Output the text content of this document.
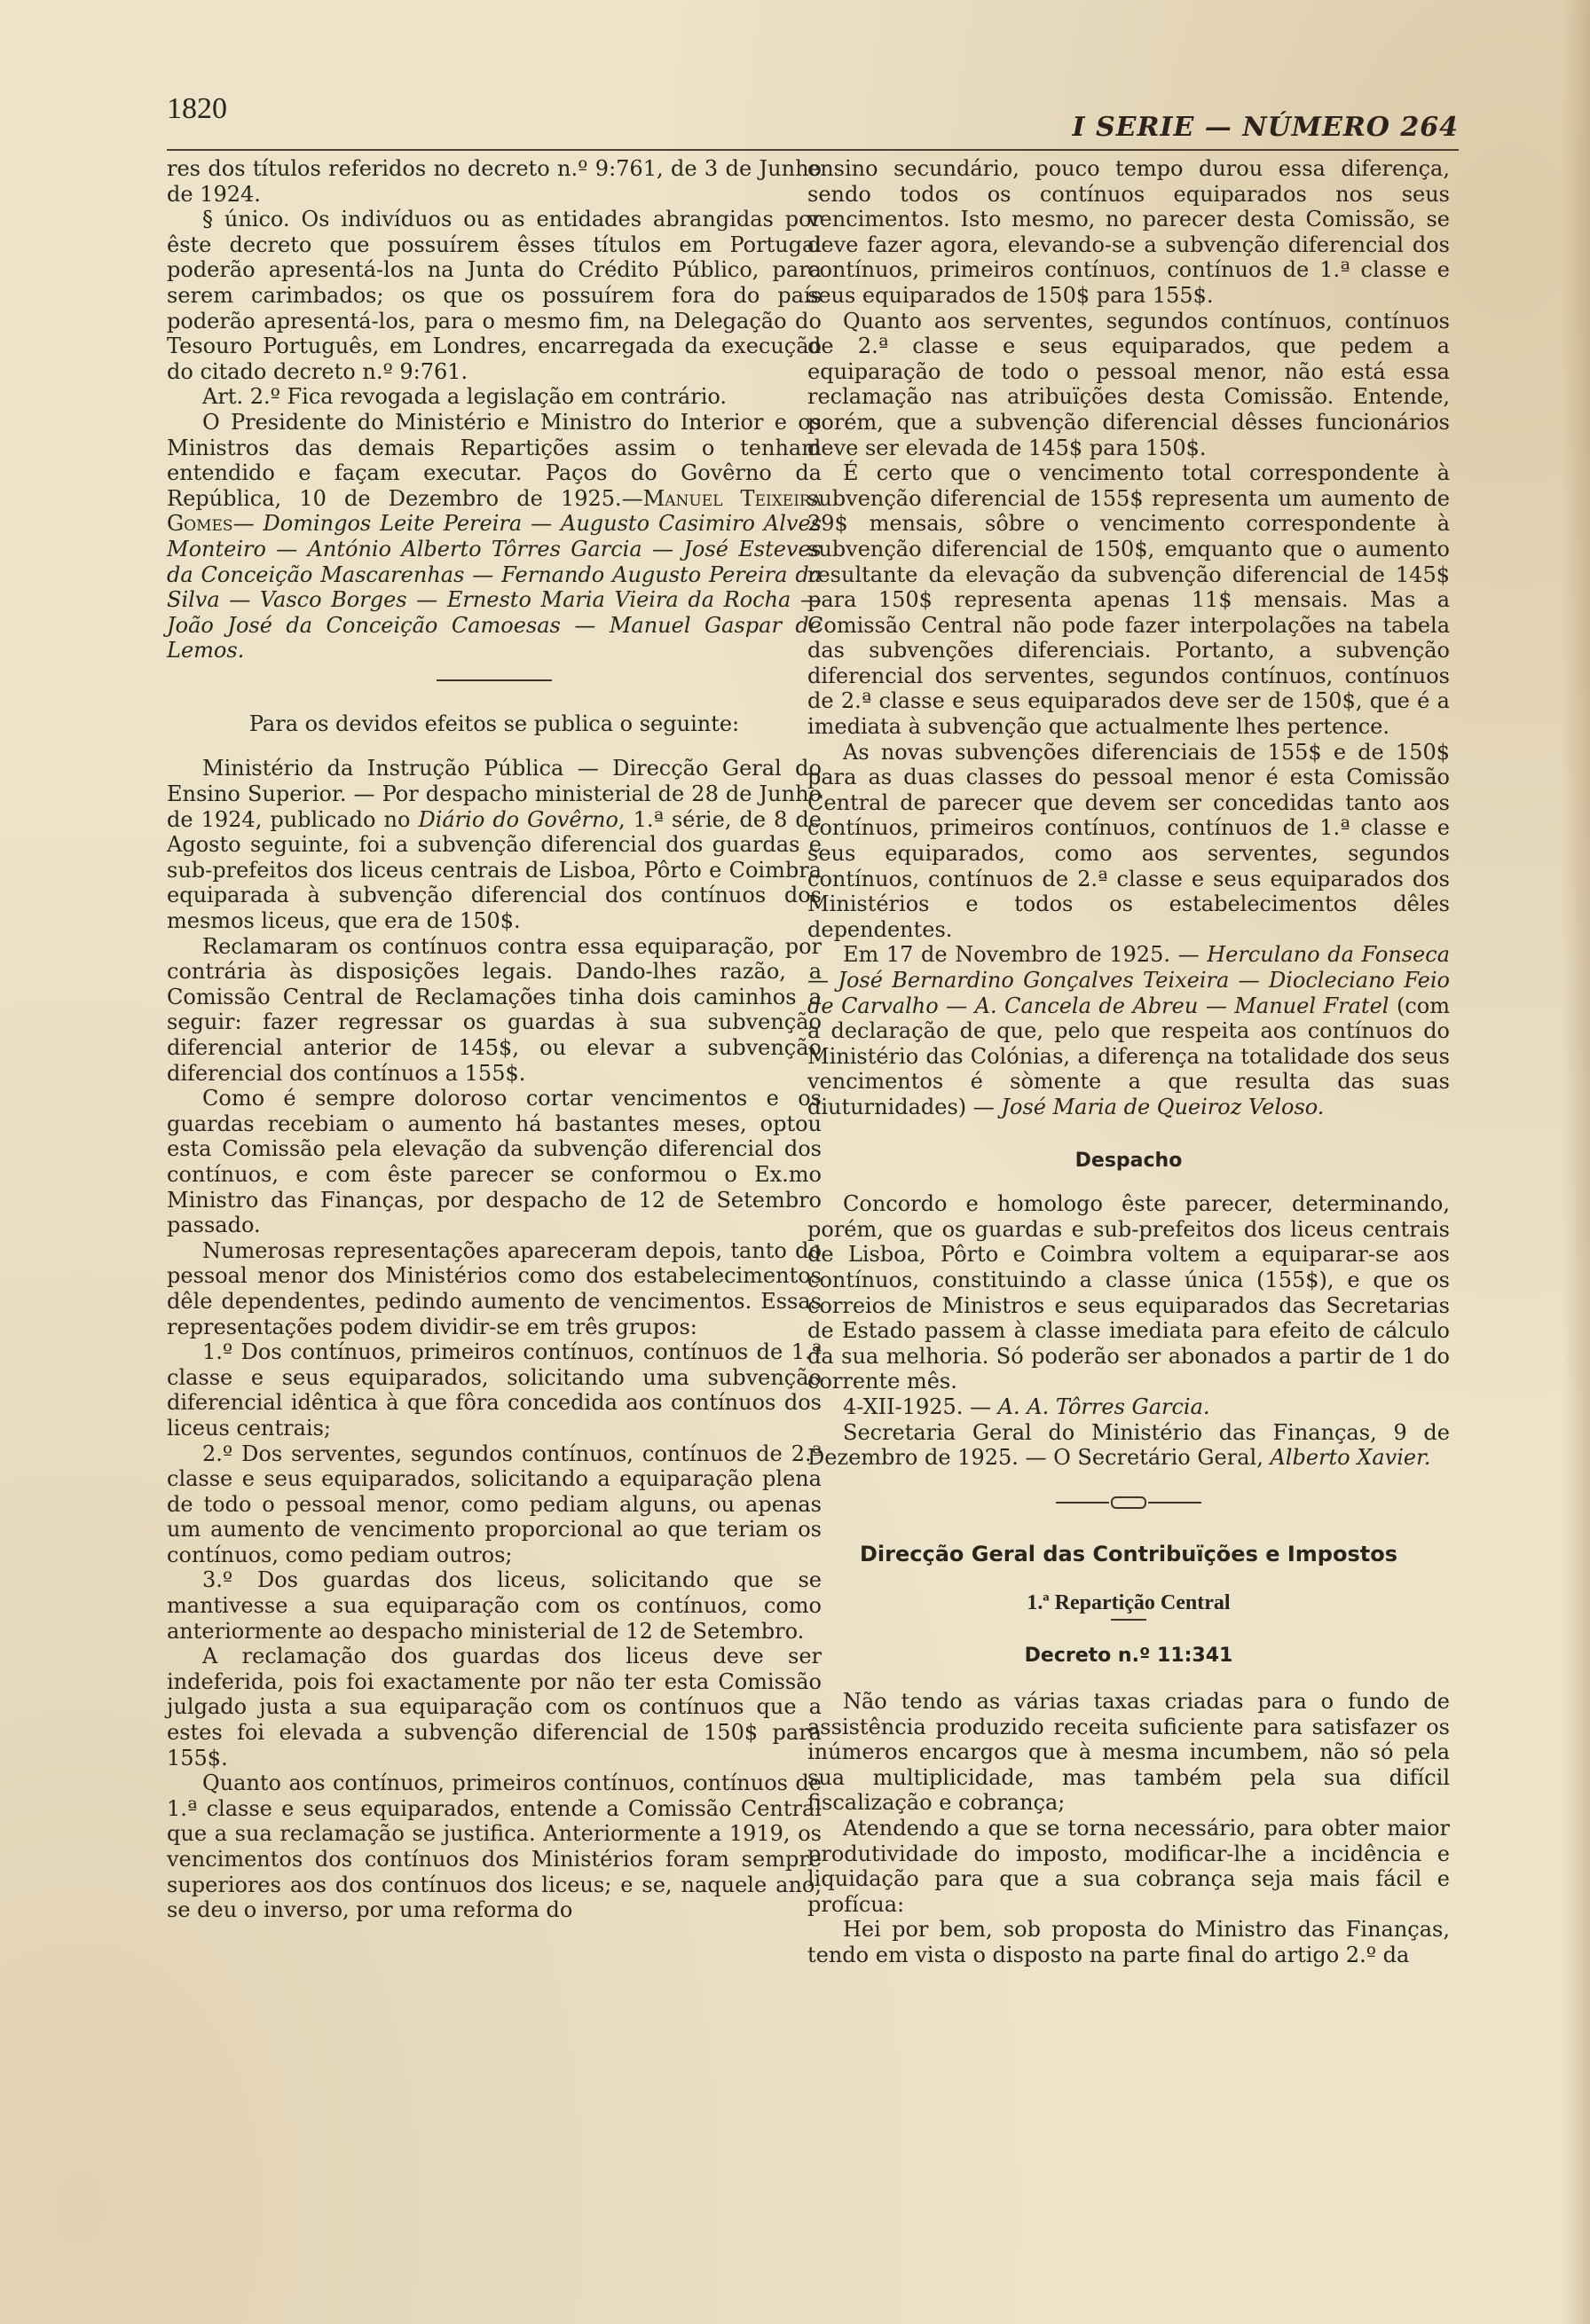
1820
I SERIE — NÚMERO 264

res dos títulos referidos no decreto n.º 9:761, de 3 de Junho de 1924.

§ único. Os indivíduos ou as entidades abrangidas por êste decreto que possuírem êsses títulos em Portugal poderão apresentá-los na Junta do Crédito Público, para serem carimbados; os que os possuírem fora do país poderão apresentá-los, para o mesmo fim, na Delegação do Tesouro Português, em Londres, encarregada da execução do citado decreto n.º 9:761.

Art. 2.º Fica revogada a legislação em contrário.

O Presidente do Ministério e Ministro do Interior e os Ministros das demais Repartições assim o tenham entendido e façam executar. Paços do Govêrno da República, 10 de Dezembro de 1925.—Manuel Teixeira Gomes— Domingos Leite Pereira — Augusto Casimiro Alves Monteiro — António Alberto Tôrres Garcia — José Esteves da Conceição Mascarenhas — Fernando Augusto Pereira da Silva — Vasco Borges — Ernesto Maria Vieira da Rocha — João José da Conceição Camoesas — Manuel Gaspar de Lemos.

Para os devidos efeitos se publica o seguinte:

Ministério da Instrução Pública — Direcção Geral do Ensino Superior. — Por despacho ministerial de 28 de Junho de 1924, publicado no Diário do Govêrno, 1.ª série, de 8 de Agosto seguinte, foi a subvenção diferencial dos guardas e sub-prefeitos dos liceus centrais de Lisboa, Pôrto e Coimbra equiparada à subvenção diferencial dos contínuos dos mesmos liceus, que era de 150$.

Reclamaram os contínuos contra essa equiparação, por contrária às disposições legais. Dando-lhes razão, a Comissão Central de Reclamações tinha dois caminhos a seguir: fazer regressar os guardas à sua subvenção diferencial anterior de 145$, ou elevar a subvenção diferencial dos contínuos a 155$.

Como é sempre doloroso cortar vencimentos e os guardas recebiam o aumento há bastantes meses, optou esta Comissão pela elevação da subvenção diferencial dos contínuos, e com êste parecer se conformou o Ex.mo Ministro das Finanças, por despacho de 12 de Setembro passado.

Numerosas representações apareceram depois, tanto do pessoal menor dos Ministérios como dos estabelecimentos dêle dependentes, pedindo aumento de vencimentos. Essas representações podem dividir-se em três grupos:

1.º Dos contínuos, primeiros contínuos, contínuos de 1.ª classe e seus equiparados, solicitando uma subvenção diferencial idêntica à que fôra concedida aos contínuos dos liceus centrais;

2.º Dos serventes, segundos contínuos, contínuos de 2.ª classe e seus equiparados, solicitando a equiparação plena de todo o pessoal menor, como pediam alguns, ou apenas um aumento de vencimento proporcional ao que teriam os contínuos, como pediam outros;

3.º Dos guardas dos liceus, solicitando que se mantivesse a sua equiparação com os contínuos, como anteriormente ao despacho ministerial de 12 de Setembro.

A reclamação dos guardas dos liceus deve ser indeferida, pois foi exactamente por não ter esta Comissão julgado justa a sua equiparação com os contínuos que a estes foi elevada a subvenção diferencial de 150$ para 155$.

Quanto aos contínuos, primeiros contínuos, contínuos de 1.ª classe e seus equiparados, entende a Comissão Central que a sua reclamação se justifica. Anteriormente a 1919, os vencimentos dos contínuos dos Ministérios foram sempre superiores aos dos contínuos dos liceus; e se, naquele ano, se deu o inverso, por uma reforma do

ensino secundário, pouco tempo durou essa diferença, sendo todos os contínuos equiparados nos seus vencimentos. Isto mesmo, no parecer desta Comissão, se deve fazer agora, elevando-se a subvenção diferencial dos contínuos, primeiros contínuos, contínuos de 1.ª classe e seus equiparados de 150$ para 155$.

Quanto aos serventes, segundos contínuos, contínuos de 2.ª classe e seus equiparados, que pedem a equiparação de todo o pessoal menor, não está essa reclamação nas atribuïções desta Comissão. Entende, porém, que a subvenção diferencial dêsses funcionários deve ser elevada de 145$ para 150$.

É certo que o vencimento total correspondente à subvenção diferencial de 155$ representa um aumento de 29$ mensais, sôbre o vencimento correspondente à subvenção diferencial de 150$, emquanto que o aumento resultante da elevação da subvenção diferencial de 145$ para 150$ representa apenas 11$ mensais. Mas a Comissão Central não pode fazer interpolações na tabela das subvenções diferenciais. Portanto, a subvenção diferencial dos serventes, segundos contínuos, contínuos de 2.ª classe e seus equiparados deve ser de 150$, que é a imediata à subvenção que actualmente lhes pertence.

As novas subvenções diferenciais de 155$ e de 150$ para as duas classes do pessoal menor é esta Comissão Central de parecer que devem ser concedidas tanto aos contínuos, primeiros contínuos, contínuos de 1.ª classe e seus equiparados, como aos serventes, segundos contínuos, contínuos de 2.ª classe e seus equiparados dos Ministérios e todos os estabelecimentos dêles dependentes.

Em 17 de Novembro de 1925. — Herculano da Fonseca — José Bernardino Gonçalves Teixeira — Diocleciano Feio de Carvalho — A. Cancela de Abreu — Manuel Fratel (com a declaração de que, pelo que respeita aos contínuos do Ministério das Colónias, a diferença na totalidade dos seus vencimentos é sòmente a que resulta das suas diuturnidades) — José Maria de Queiroz Veloso.

Despacho

Concordo e homologo êste parecer, determinando, porém, que os guardas e sub-prefeitos dos liceus centrais de Lisboa, Pôrto e Coimbra voltem a equiparar-se aos contínuos, constituindo a classe única (155$), e que os correios de Ministros e seus equiparados das Secretarias de Estado passem à classe imediata para efeito de cálculo da sua melhoria. Só poderão ser abonados a partir de 1 do corrente mês.

4-XII-1925. — A. A. Tôrres Garcia.

Secretaria Geral do Ministério das Finanças, 9 de Dezembro de 1925. — O Secretário Geral, Alberto Xavier.

Direcção Geral das Contribuïções e Impostos
1.ª Repartição Central
Decreto n.º 11:341

Não tendo as várias taxas criadas para o fundo de assistência produzido receita suficiente para satisfazer os inúmeros encargos que à mesma incumbem, não só pela sua multiplicidade, mas também pela sua difícil fiscalização e cobrança;

Atendendo a que se torna necessário, para obter maior produtividade do imposto, modificar-lhe a incidência e liquidação para que a sua cobrança seja mais fácil e profícua:

Hei por bem, sob proposta do Ministro das Finanças, tendo em vista o disposto na parte final do artigo 2.º da
